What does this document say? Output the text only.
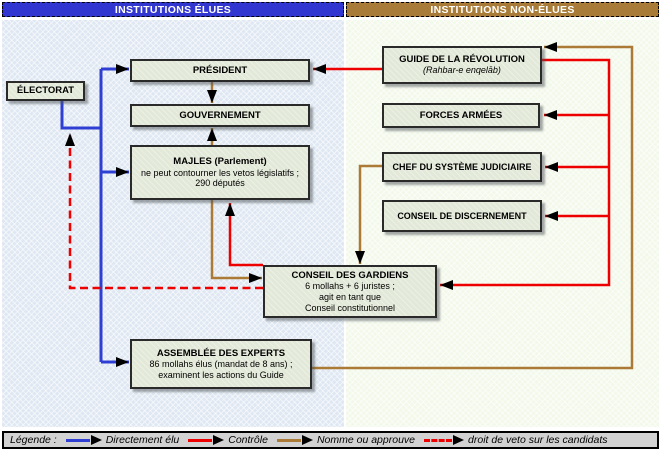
INSTITUTIONS ÉLUES	INSTITUTIONS NON-ÉLUES
ÉLECTORAT
PRÉSIDENT
GOUVERNEMENT
MAJLES (Parlement)
ne peut contourner les vetos législatifs ;
290 députés
GUIDE DE LA RÉVOLUTION
(Rahbar-e enqelāb)
FORCES ARMÉES
CHEF DU SYSTÈME JUDICIAIRE
CONSEIL DE DISCERNEMENT
CONSEIL DES GARDIENS
6 mollahs + 6 juristes ;
agit en tant que
Conseil constitutionnel
ASSEMBLÉE DES EXPERTS
86 mollahs élus (mandat de 8 ans) ;
examinent les actions du Guide
Légende :	Directement élu	Contrôle	Nomme ou approuve	droit de veto sur les candidats
